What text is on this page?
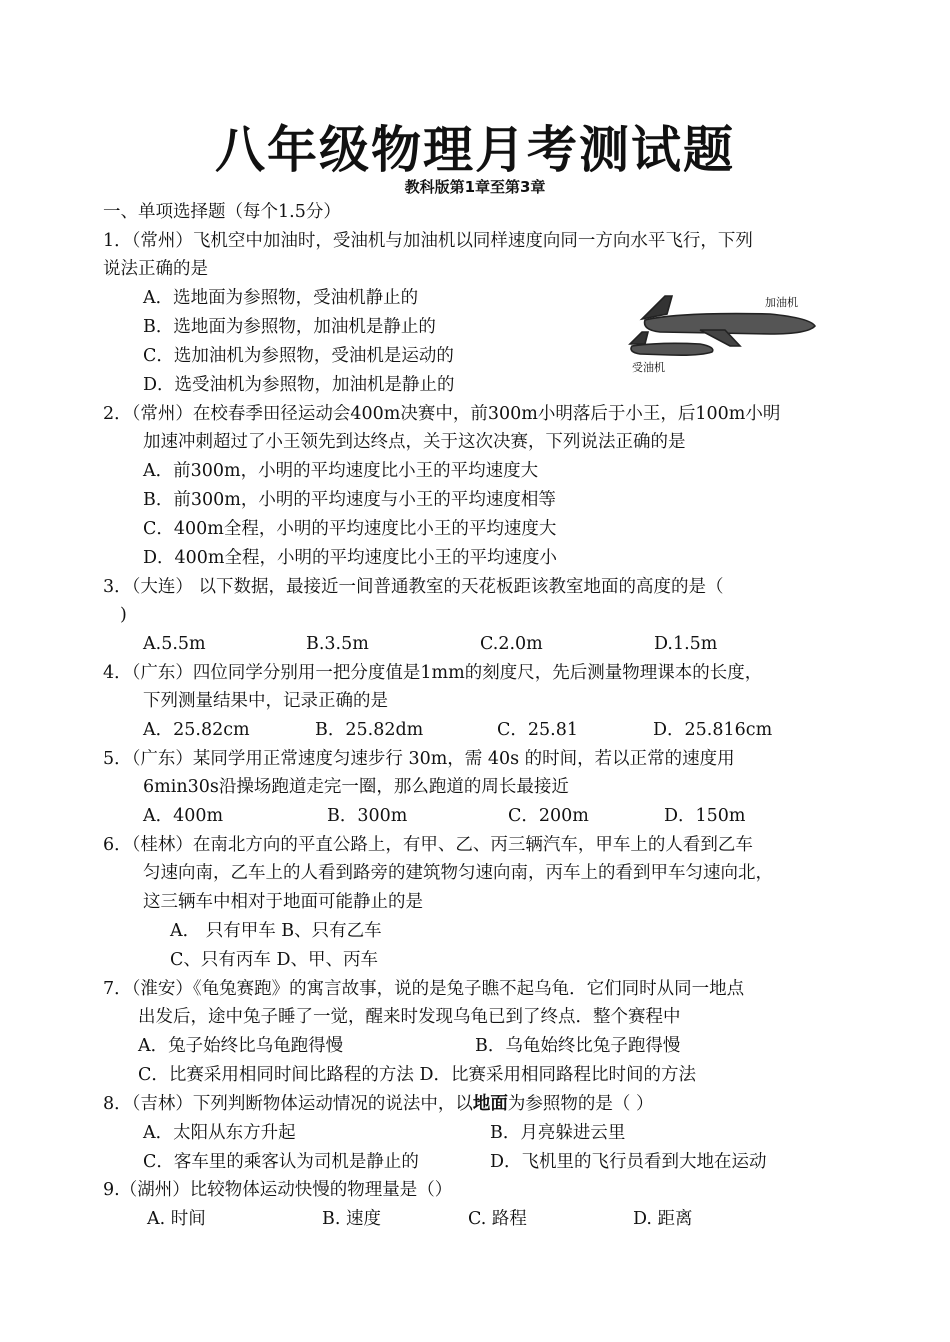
八年级物理月考测试题
教科版第1章至第3章
一、单项选择题（每个1.5分）
1．（常州）飞机空中加油时，受油机与加油机以同样速度向同一方向水平飞行，下列
说法正确的是
A．选地面为参照物，受油机静止的
B．选地面为参照物，加油机是静止的
C．选加油机为参照物，受油机是运动的
D．选受油机为参照物，加油机是静止的
加油机
受油机
2．（常州）在校春季田径运动会400m决赛中，前300m小明落后于小王，后100m小明
加速冲刺超过了小王领先到达终点，关于这次决赛，下列说法正确的是
A．前300m，小明的平均速度比小王的平均速度大
B．前300m，小明的平均速度与小王的平均速度相等
C．400m全程，小明的平均速度比小王的平均速度大
D．400m全程，小明的平均速度比小王的平均速度小
3．（大连） 以下数据，最接近一间普通教室的天花板距该教室地面的高度的是（
)
A.5.5m	B.3.5m	C.2.0m	D.1.5m
4．（广东）四位同学分别用一把分度值是1mm的刻度尺，先后测量物理课本的长度，
下列测量结果中，记录正确的是
A．25.82cm	B．25.82dm	C．25.81	D．25.816cm
5．（广东）某同学用正常速度匀速步行 30m，需 40s 的时间，若以正常的速度用
6min30s沿操场跑道走完一圈，那么跑道的周长最接近
A．400m	B．300m	C．200m	D．150m
6．（桂林）在南北方向的平直公路上，有甲、乙、丙三辆汽车，甲车上的人看到乙车
匀速向南，乙车上的人看到路旁的建筑物匀速向南，丙车上的看到甲车匀速向北，
这三辆车中相对于地面可能静止的是
A． 只有甲车 B、只有乙车
C、只有丙车 D、甲、丙车
7．（淮安）《龟兔赛跑》的寓言故事，说的是兔子瞧不起乌龟．它们同时从同一地点
出发后，途中兔子睡了一觉，醒来时发现乌龟已到了终点．整个赛程中
A．兔子始终比乌龟跑得慢	B．乌龟始终比兔子跑得慢
C．比赛采用相同时间比路程的方法 D．比赛采用相同路程比时间的方法
8．（吉林）下列判断物体运动情况的说法中，以地面为参照物的是（ ）
A．太阳从东方升起	B．月亮躲进云里
C．客车里的乘客认为司机是静止的	D．飞机里的飞行员看到大地在运动
9.（湖州）比较物体运动快慢的物理量是（）
A. 时间	B. 速度	C. 路程	D. 距离
